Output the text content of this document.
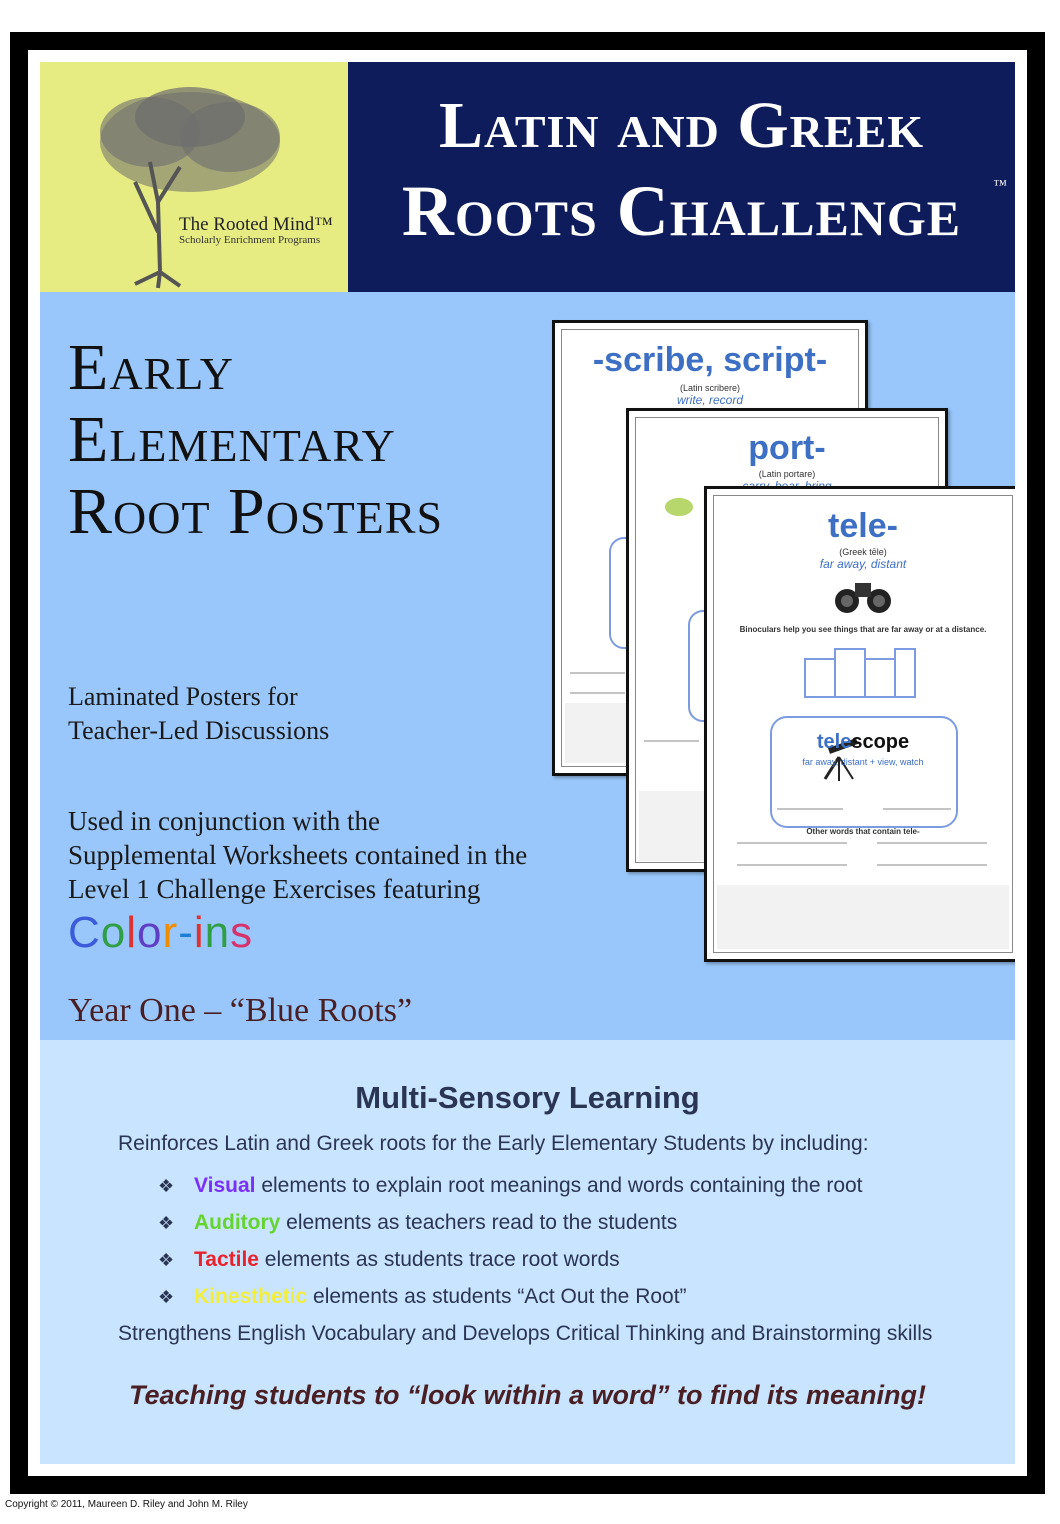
The Rooted Mind™
Scholarly Enrichment Programs
Latin and Greek
Roots Challenge	™
Early
Elementary
Root Posters
Laminated Posters for
Teacher-Led Discussions
Used in conjunction with the
Supplemental Worksheets contained in the
Level 1 Challenge Exercises featuring
Color-ins
Year One – “Blue Roots”
-scribe, script-
(Latin scribere)
write, record
port-
(Latin portare)
tele-
(Greek tēle)
far away, distant
Binoculars help you see things that are far away or at a distance.
telescope
far away, distant + view, watch
Other words that contain tele-
Multi-Sensory Learning
Reinforces Latin and Greek roots for the Early Elementary Students by including:
❖ Visual elements to explain root meanings and words containing the root
❖ Auditory elements as teachers read to the students
❖ Tactile elements as students trace root words
❖ Kinesthetic elements as students “Act Out the Root”
Strengthens English Vocabulary and Develops Critical Thinking and Brainstorming skills
Teaching students to “look within a word” to find its meaning!
Copyright © 2011, Maureen D. Riley and John M. Riley
